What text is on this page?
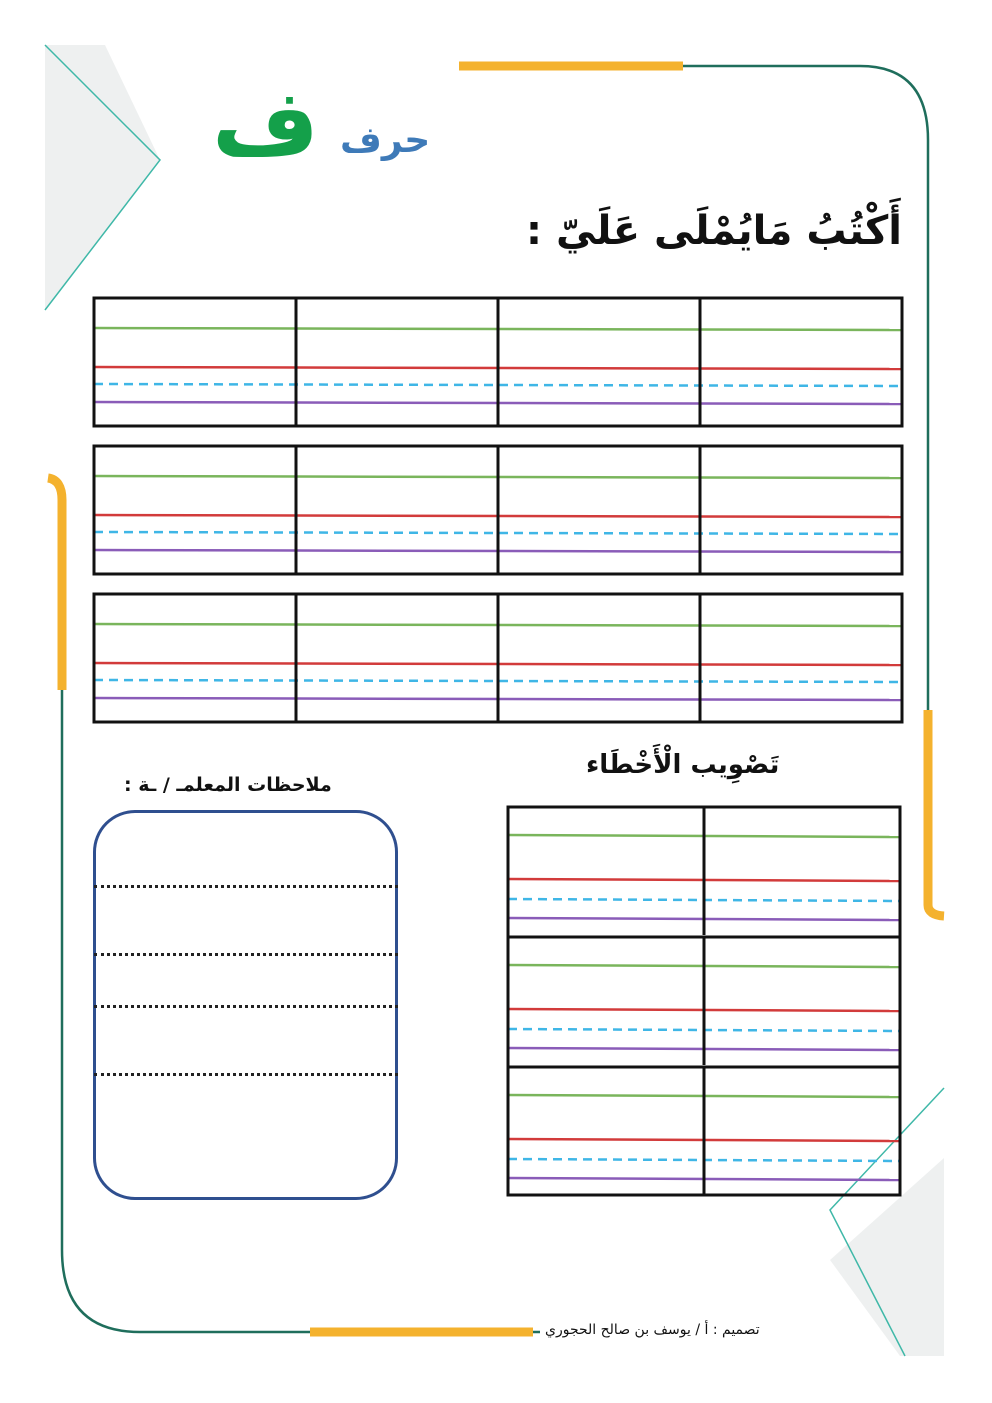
حرف
ف
أَكْتُبُ مَايُمْلَى عَلَيّ :
تَصْوِيب الْأَخْطَاء
ملاحظات المعلمـ / ـة :
تصميم : أ / يوسف بن صالح الحجوري
